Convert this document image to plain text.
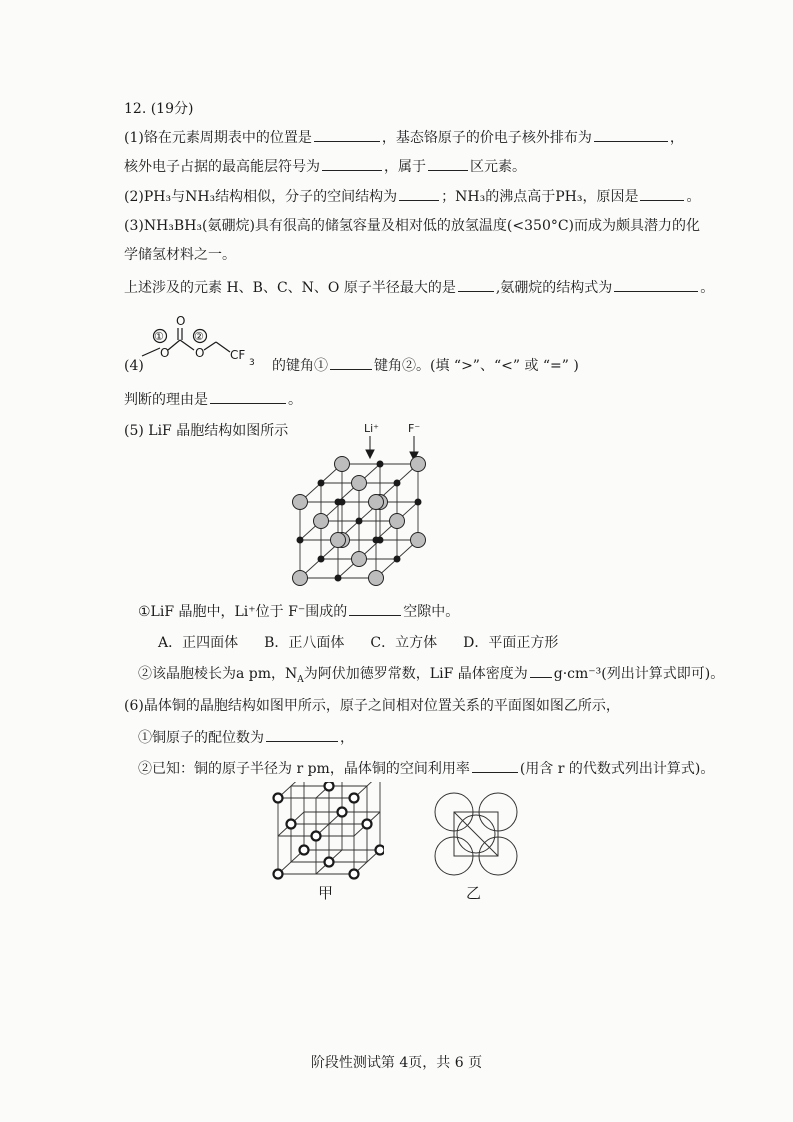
12. (19分)
(1)铬在元素周期表中的位置是	，基态铬原子的价电子核外排布为	，
核外电子占据的最高能层符号为	，属于	区元素。
(2)PH₃与NH₃结构相似，分子的空间结构为	；NH₃的沸点高于PH₃，原因是	。
(3)NH₃BH₃(氨硼烷)具有很高的储氢容量及相对低的放氢温度(<350°C)而成为颇具潜力的化
学储氢材料之一。
上述涉及的元素 H、B、C、N、O 原子半径最大的是	,氨硼烷的结构式为	。
O
O O CF
3
①	②
(4)	的键角①	键角②。(填 “>”、“<” 或 “=” )
判断的理由是	。
(5) LiF 晶胞结构如图所示	Li⁺	F⁻
①LiF 晶胞中，Li⁺位于 F⁻围成的	空隙中。
A．正四面体 B．正八面体 C．立方体 D．平面正方形
②该晶胞棱长为a pm，$N_A$为阿伏加德罗常数，LiF 晶体密度为 g·cm⁻³(列出计算式即可)。
(6)晶体铜的晶胞结构如图甲所示，原子之间相对位置关系的平面图如图乙所示，
①铜原子的配位数为	，
②已知：铜的原子半径为 r pm，晶体铜的空间利用率	(用含 r 的代数式列出计算式)。
甲	乙
阶段性测试第 4页，共 6 页
